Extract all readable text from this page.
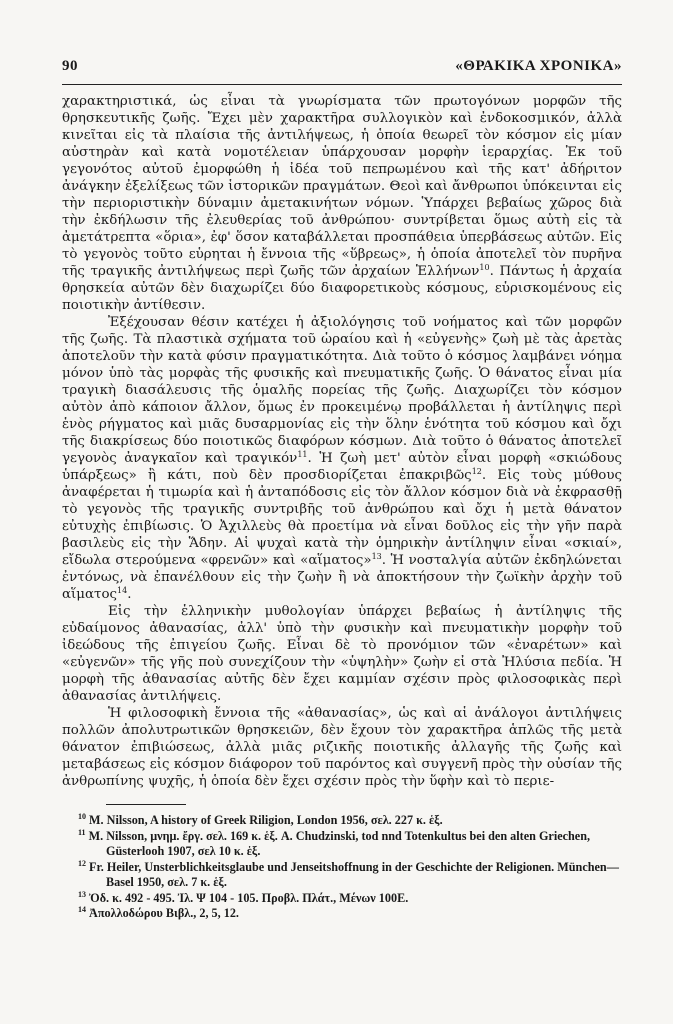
90	«ΘΡΑΚΙΚΑ ΧΡΟΝΙΚΑ»

χαρακτηριστικά, ὡς εἶναι τὰ γνωρίσματα τῶν πρωτογόνων μορφῶν τῆς θρησκευτικῆς ζωῆς. Ἔχει μὲν χαρακτῆρα συλλογικὸν καὶ ἐνδοκοσμικόν, ἀλλὰ κινεῖται εἰς τὰ πλαίσια τῆς ἀντιλήψεως, ἡ ὁποία θεωρεῖ τὸν κόσμον εἰς μίαν αὐστηρὰν καὶ κατὰ νομοτέλειαν ὑπάρχουσαν μορφὴν ἱεραρχίας. Ἐκ τοῦ γεγονότος αὐτοῦ ἐμορφώθη ἡ ἰδέα τοῦ πεπρωμένου καὶ τῆς κατ' ἀδήριτον ἀνάγκην ἐξελίξεως τῶν ἱστορικῶν πραγμάτων. Θεοὶ καὶ ἄνθρωποι ὑπόκεινται εἰς τὴν περιοριστικὴν δύναμιν ἀμετακινήτων νόμων. Ὑπάρχει βεβαίως χῶρος διὰ τὴν ἐκδήλωσιν τῆς ἐλευθερίας τοῦ ἀνθρώπου· συντρίβεται ὅμως αὐτὴ εἰς τὰ ἀμετάτρεπτα «ὅρια», ἐφ' ὅσον καταβάλλεται προσπάθεια ὑπερβάσεως αὐτῶν. Εἰς τὸ γεγονὸς τοῦτο εὑρηται ἡ ἔννοια τῆς «ὕβρεως», ἡ ὁποία ἀποτελεῖ τὸν πυρῆνα τῆς τραγικῆς ἀντιλήψεως περὶ ζωῆς τῶν ἀρχαίων Ἑλλήνων$^{10}$. Πάντως ἡ ἀρχαία θρησκεία αὐτῶν δὲν διαχωρίζει δύο διαφορετικοὺς κόσμους, εὑρισκομένους εἰς ποιοτικὴν ἀντίθεσιν.

Ἐξέχουσαν θέσιν κατέχει ἡ ἀξιολόγησις τοῦ νοήματος καὶ τῶν μορφῶν τῆς ζωῆς. Τὰ πλαστικὰ σχήματα τοῦ ὡραίου καὶ ἡ «εὐγενὴς» ζωὴ μὲ τὰς ἀρετὰς ἀποτελοῦν τὴν κατὰ φύσιν πραγματικότητα. Διὰ τοῦτο ὁ κόσμος λαμβάνει νόημα μόνον ὑπὸ τὰς μορφὰς τῆς φυσικῆς καὶ πνευματικῆς ζωῆς. Ὁ θάνατος εἶναι μία τραγικὴ διασάλευσις τῆς ὁμαλῆς πορείας τῆς ζωῆς. Διαχωρίζει τὸν κόσμον αὐτὸν ἀπὸ κάποιον ἄλλον, ὅμως ἐν προκειμένῳ προβάλλεται ἡ ἀντίληψις περὶ ἑνὸς ρήγματος καὶ μιᾶς δυσαρμονίας εἰς τὴν ὅλην ἑνότητα τοῦ κόσμου καὶ ὄχι τῆς διακρίσεως δύο ποιοτικῶς διαφόρων κόσμων. Διὰ τοῦτο ὁ θάνατος ἀποτελεῖ γεγονὸς ἀναγκαῖον καὶ τραγικόν$^{11}$. Ἡ ζωὴ μετ' αὐτὸν εἶναι μορφὴ «σκιώδους ὑπάρξεως» ἢ κάτι, ποὺ δὲν προσδιορίζεται ἐπακριβῶς$^{12}$. Εἰς τοὺς μύθους ἀναφέρεται ἡ τιμωρία καὶ ἡ ἀνταπόδοσις εἰς τὸν ἄλλον κόσμον διὰ νὰ ἐκφρασθῇ τὸ γεγονὸς τῆς τραγικῆς συντριβῆς τοῦ ἀνθρώπου καὶ ὄχι ἡ μετὰ θάνατον εὐτυχὴς ἐπιβίωσις. Ὁ Ἀχιλλεὺς θὰ προετίμα νὰ εἶναι δοῦλος εἰς τὴν γῆν παρὰ βασιλεὺς εἰς τὴν Ἅδην. Αἱ ψυχαὶ κατὰ τὴν ὁμηρικὴν ἀντίληψιν εἶναι «σκιαί», εἴδωλα στερούμενα «φρενῶν» καὶ «αἵματος»$^{13}$. Ἡ νοσταλγία αὐτῶν ἐκδηλώνεται ἐντόνως, νὰ ἐπανέλθουν εἰς τὴν ζωὴν ἢ νὰ ἀποκτήσουν τὴν ζωϊκὴν ἀρχὴν τοῦ αἵματος$^{14}$.

Εἰς τὴν ἑλληνικὴν μυθολογίαν ὑπάρχει βεβαίως ἡ ἀντίληψις τῆς εὐδαίμονος ἀθανασίας, ἀλλ' ὑπὸ τὴν φυσικὴν καὶ πνευματικὴν μορφὴν τοῦ ἰδεώδους τῆς ἐπιγείου ζωῆς. Εἶναι δὲ τὸ προνόμιον τῶν «ἐναρέτων» καὶ «εὐγενῶν» τῆς γῆς ποὺ συνεχίζουν τὴν «ὑψηλὴν» ζωὴν εἰ στὰ Ἠλύσια πεδία. Ἡ μορφὴ τῆς ἀθανασίας αὐτῆς δὲν ἔχει καμμίαν σχέσιν πρὸς φιλοσοφικὰς περὶ ἀθανασίας ἀντιλήψεις.

Ἡ φιλοσοφικὴ ἔννοια τῆς «ἀθανασίας», ὡς καὶ αἱ ἀνάλογοι ἀντιλήψεις πολλῶν ἀπολυτρωτικῶν θρησκειῶν, δὲν ἔχουν τὸν χαρακτῆρα ἁπλῶς τῆς μετὰ θάνατον ἐπιβιώσεως, ἀλλὰ μιᾶς ριζικῆς ποιοτικῆς ἀλλαγῆς τῆς ζωῆς καὶ μεταβάσεως εἰς κόσμον διάφορον τοῦ παρόντος καὶ συγγενῆ πρὸς τὴν οὐσίαν τῆς ἀνθρωπίνης ψυχῆς, ἡ ὁποία δὲν ἔχει σχέσιν πρὸς τὴν ὕφὴν καὶ τὸ περιε-

$^{10}$ M. Nilsson, A history of Greek Riligion, London 1956, σελ. 227 κ. ἑξ.

$^{11}$ M. Nilsson, μνημ. ἔργ. σελ. 169 κ. ἑξ. A. Chudzinski, tod nnd Totenkultus bei den alten Griechen, Güsterlooh 1907, σελ 10 κ. ἑξ.

$^{12}$ Fr. Heiler, Unsterblichkeitsglaube und Jenseitshoffnung in der Geschichte der Religionen. München—Basel 1950, σελ. 7 κ. ἑξ.

$^{13}$ Ὀδ. κ. 492 - 495. Ἰλ. Ψ 104 - 105. Προβλ. Πλάτ., Μένων 100Ε.

$^{14}$ Ἀπολλοδώρου Βιβλ., 2, 5, 12.
